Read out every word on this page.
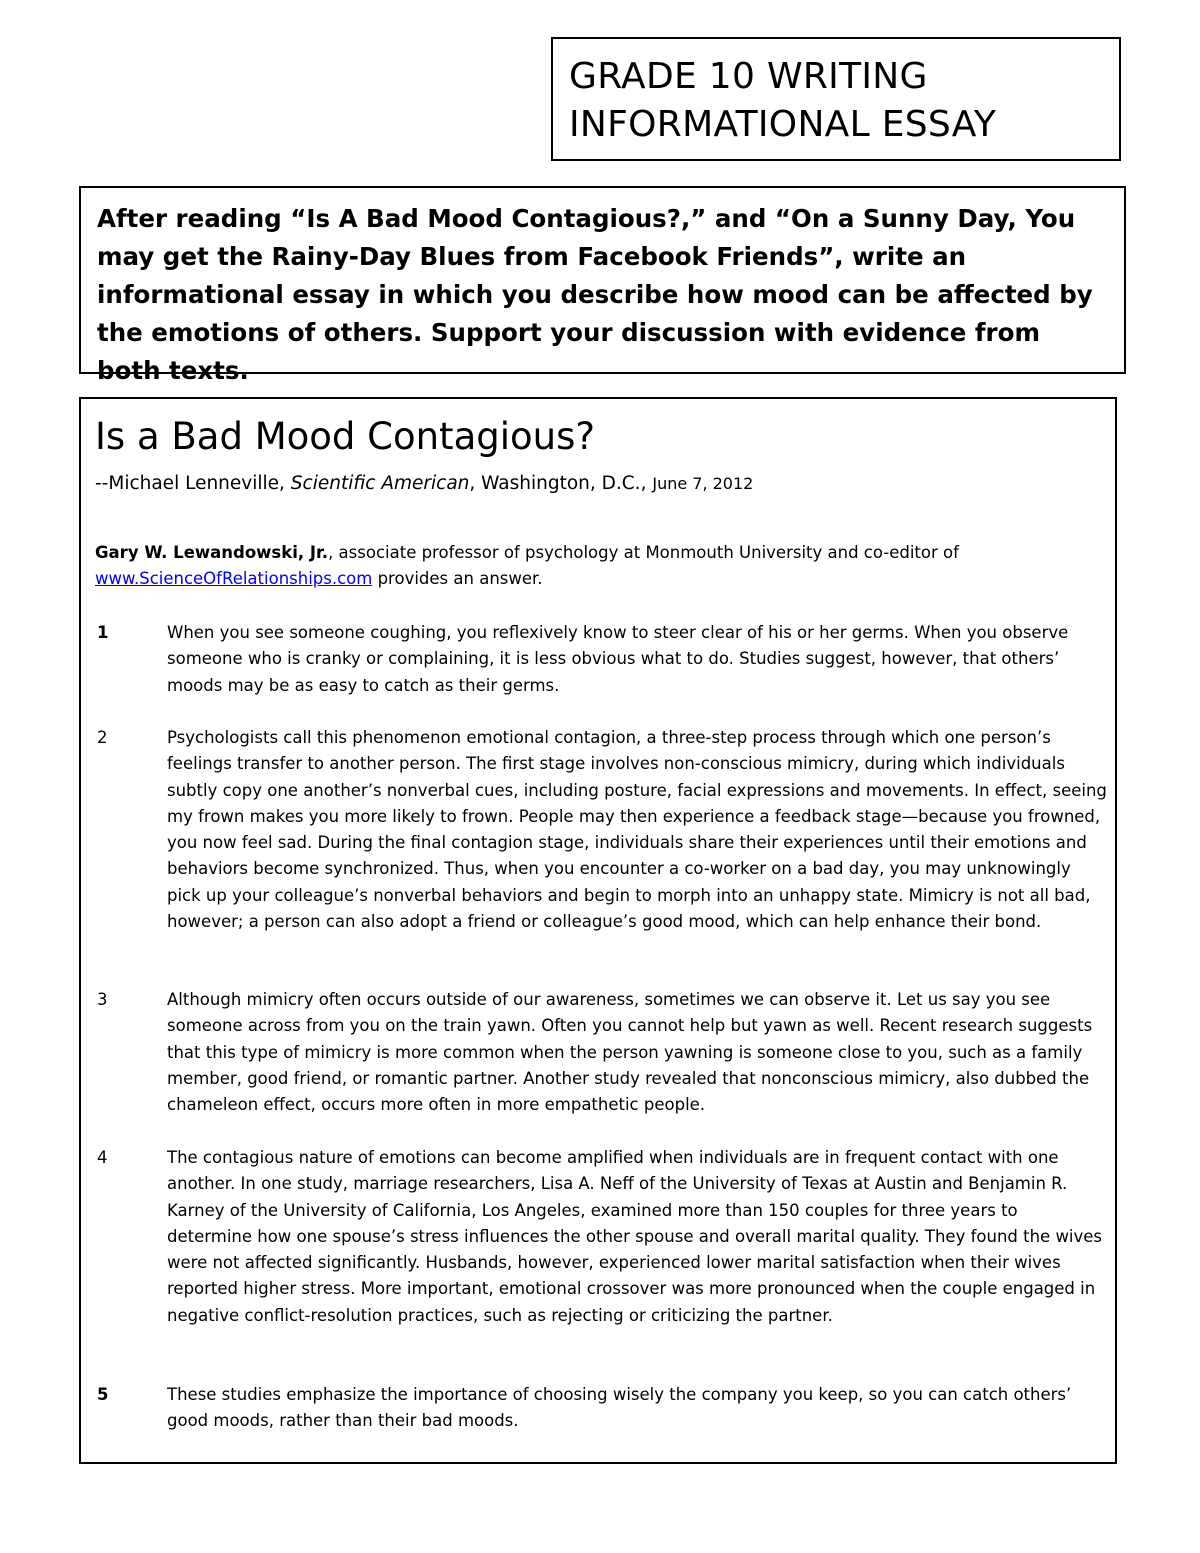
GRADE 10 WRITING
INFORMATIONAL ESSAY
After reading “Is A Bad Mood Contagious?,” and “On a Sunny Day, You may get the Rainy-Day Blues from Facebook Friends”, write an informational essay in which you describe how mood can be affected by the emotions of others. Support your discussion with evidence from both texts.
Is a Bad Mood Contagious?
--Michael Lenneville, Scientific American, Washington, D.C., June 7, 2012
Gary W. Lewandowski, Jr., associate professor of psychology at Monmouth University and co-editor of www.ScienceOfRelationships.com provides an answer.
1	When you see someone coughing, you reflexively know to steer clear of his or her germs. When you observe someone who is cranky or complaining, it is less obvious what to do. Studies suggest, however, that others’ moods may be as easy to catch as their germs.
2	Psychologists call this phenomenon emotional contagion, a three-step process through which one person’s feelings transfer to another person. The first stage involves non-conscious mimicry, during which individuals subtly copy one another’s nonverbal cues, including posture, facial expressions and movements. In effect, seeing my frown makes you more likely to frown. People may then experience a feedback stage—because you frowned, you now feel sad. During the final contagion stage, individuals share their experiences until their emotions and behaviors become synchronized. Thus, when you encounter a co-worker on a bad day, you may unknowingly pick up your colleague’s nonverbal behaviors and begin to morph into an unhappy state. Mimicry is not all bad, however; a person can also adopt a friend or colleague’s good mood, which can help enhance their bond.
3	Although mimicry often occurs outside of our awareness, sometimes we can observe it. Let us say you see someone across from you on the train yawn. Often you cannot help but yawn as well. Recent research suggests that this type of mimicry is more common when the person yawning is someone close to you, such as a family member, good friend, or romantic partner. Another study revealed that nonconscious mimicry, also dubbed the chameleon effect, occurs more often in more empathetic people.
4	The contagious nature of emotions can become amplified when individuals are in frequent contact with one another. In one study, marriage researchers, Lisa A. Neff of the University of Texas at Austin and Benjamin R. Karney of the University of California, Los Angeles, examined more than 150 couples for three years to determine how one spouse’s stress influences the other spouse and overall marital quality. They found the wives were not affected significantly. Husbands, however, experienced lower marital satisfaction when their wives reported higher stress. More important, emotional crossover was more pronounced when the couple engaged in negative conflict-resolution practices, such as rejecting or criticizing the partner.
5	These studies emphasize the importance of choosing wisely the company you keep, so you can catch others’ good moods, rather than their bad moods.
